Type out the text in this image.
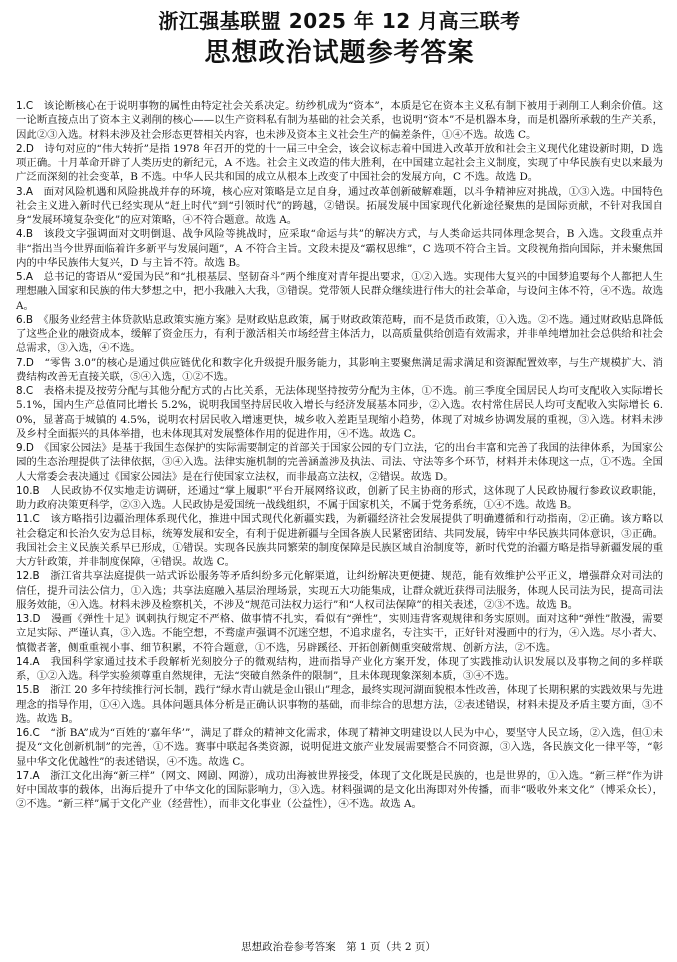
浙江强基联盟 2025 年 12 月高三联考
思想政治试题参考答案

1.C　 该论断核心在于说明事物的属性由特定社会关系决定。纺纱机成为“资本”，本质是它在资本主义私有制下被用于剥削工人剩余价值。这一论断直接点出了资本主义剥削的核心——以生产资料私有制为基础的社会关系，也说明“资本”不是机器本身，而是机器所承载的生产关系，因此②③入选。材料未涉及社会形态更替相关内容，也未涉及资本主义社会生产的偏差条件，①④不选。故选 C。

2.D　 诗句对应的“伟大转折”是指 1978 年召开的党的十一届三中全会，该会议标志着中国进入改革开放和社会主义现代化建设新时期，D 选项正确。十月革命开辟了人类历史的新纪元，A 不选。社会主义改造的伟大胜利，在中国建立起社会主义制度，实现了中华民族有史以来最为广泛而深刻的社会变革，B 不选。中华人民共和国的成立从根本上改变了中国社会的发展方向，C 不选。故选 D。

3.A　 面对风险机遇和风险挑战并存的环境，核心应对策略是立足自身，通过改革创新破解难题，以斗争精神应对挑战，①③入选。中国特色社会主义进入新时代已经实现从“赶上时代”到“引领时代”的跨越，②错误。拓展发展中国家现代化新途径聚焦的是国际贡献，不针对我国自身“发展环境复杂变化”的应对策略，④不符合题意。故选 A。

4.B　 该段文字强调面对文明倒退、战争风险等挑战时，应采取“命运与共”的解决方式，与人类命运共同体理念契合，B 入选。文段重点并非“指出当今世界面临着许多新平与发展问题”，A 不符合主旨。文段未提及“霸权思维”，C 选项不符合主旨。文段视角指向国际，并未聚焦国内的中华民族伟大复兴，D 与主旨不符。故选 B。

5.A　 总书记的寄语从“爱国为民”和“扎根基层、坚韧奋斗”两个维度对青年提出要求，①②入选。实现伟大复兴的中国梦追要每个人都把人生理想融入国家和民族的伟大梦想之中，把小我融入大我，③错误。党带领人民群众继续进行伟大的社会革命，与设问主体不符，④不选。故选 A。

6.B　 《服务业经营主体贷款贴息政策实施方案》是财政贴息政策，属于财政政策范畴，而不是货币政策，①入选。②不选。通过财政贴息降低了这些企业的融资成本，缓解了资金压力，有利于激活相关市场经营主体活力，以高质量供给创造有效需求，并非单纯增加社会总供给和社会总需求，③入选，④不选。

7.D　 “零售 3.0”的核心是通过供应链优化和数字化升级提升服务能力，其影响主要聚焦满足需求满足和资源配置效率，与生产规模扩大、消费结构改善无直接关联，⑤④入选，①②不选。

8.C　 表格未提及按劳分配与其他分配方式的占比关系，无法体现坚持按劳分配为主体，①不选。前三季度全国居民人均可支配收入实际增长 5.1%，国内生产总值同比增长 5.2%，说明我国坚持居民收入增长与经济发展基本同步，②入选。农村常住居民人均可支配收入实际增长 6.0%，显著高于城镇的 4.5%，说明农村居民收入增速更快，城乡收入差距呈现缩小趋势，体现了对城乡协调发展的重视，③入选。材料未涉及乡村全面振兴的具体举措，也未体现其对发展整体作用的促进作用，④不选。故选 C。

9.D　 《国家公园法》是基于我国生态保护的实际需要制定的首部关于国家公园的专门立法，它的出台丰富和完善了我国的法律体系，为国家公园的生态治理提供了法律依据，③④入选。法律实施机制的完善涵盖涉及执法、司法、守法等多个环节，材料并未体现这一点，①不选。全国人大常委会表决通过《国家公园法》是在行使国家立法权，而非最高立法权，②错误。故选 D。

10.B　 人民政协不仅实地走访调研，还通过“掌上履职”平台开展网络议政，创新了民主协商的形式，这体现了人民政协履行参政议政职能，助力政府决策更科学，②③入选。人民政协是爱国统一战线组织，不属于国家机关，不属于党务系统，①④不选。故选 B。

11.C　 该方略指引边疆治理体系现代化，推进中国式现代化新疆实践，为新疆经济社会发展提供了明确遵循和行动指南，②正确。该方略以社会稳定和长治久安为总目标，统筹发展和安全，有利于促进新疆与全国各族人民紧密团结、共同发展，铸牢中华民族共同体意识，③正确。我国社会主义民族关系早已形成，①错误。实现各民族共同繁荣的制度保障是民族区域自治制度等，新时代党的治疆方略是指导新疆发展的重大方针政策，并非制度保障，④错误。故选 C。

12.B　 浙江省共享法庭提供一站式诉讼服务等矛盾纠纷多元化解渠道，让纠纷解决更便捷、规范，能有效维护公平正义，增强群众对司法的信任，提升司法公信力，①入选；共享法庭融入基层治理场景，实现五大功能集成，让群众就近获得司法服务，体现人民司法为民，提高司法服务效能，④入选。材料未涉及检察机关，不涉及“规范司法权力运行”和“人权司法保障”的相关表述，②③不选。故选 B。

13.D　 漫画《弹性十足》讽刺执行规定不严格、做事情不扎实，看似有“弹性”，实则违背客观规律和务实原则。面对这种“弹性”散漫，需要立足实际、严谨认真，③入选。不能空想，不骛虚声强调不沉迷空想，不追求虚名，专注实干，正好针对漫画中的行为，④入选。尽小者大、慎微者著，侧重重视小事、细节积累，不符合题意，①不选，另辟蹊径、开拓创新侧重突破常规、创新方法，②不选。

14.A　 我国科学家通过技术手段解析光刻胶分子的微观结构，进而指导产业化方案开发，体现了实践推动认识发展以及事物之间的多样联系，①②入选。科学实验须尊重自然规律，无法“突破自然条件的限制”，且未体现现象深刻本质，③④不选。

15.B　 浙江 20 多年持续推行河长制，践行“绿水青山就是金山银山”理念，最终实现河湖面貌根本性改善，体现了长期积累的实践效果与先进理念的指导作用，①④入选。具体问题具体分析是正确认识事物的基础，而非综合的思想方法，②表述错误，材料未提及矛盾主要方面，③不选。故选 B。

16.C　 “浙 BA”成为“百姓的‘嘉年华’”，满足了群众的精神文化需求，体现了精神文明建设以人民为中心，要坚守人民立场，②入选，但①未提及“文化创新机制”的完善，①不选。赛事中联起各类资源，说明促进文旅产业发展需要整合不同资源，③入选，各民族文化一律平等，“彰显中华文化优越性”的表述错误，④不选。故选 C。

17.A　 浙江文化出海“新三样”（网文、网剧、网游），成功出海被世界接受，体现了文化既是民族的，也是世界的，①入选。“新三样”作为讲好中国故事的载体，出海后提升了中华文化的国际影响力，③入选。材料强调的是文化出海即对外传播，而非“吸收外来文化”（博采众长），②不选。“新三样”属于文化产业（经营性），而非文化事业（公益性），④不选。故选 A。

思想政治卷参考答案　第 1 页（共 2 页）
